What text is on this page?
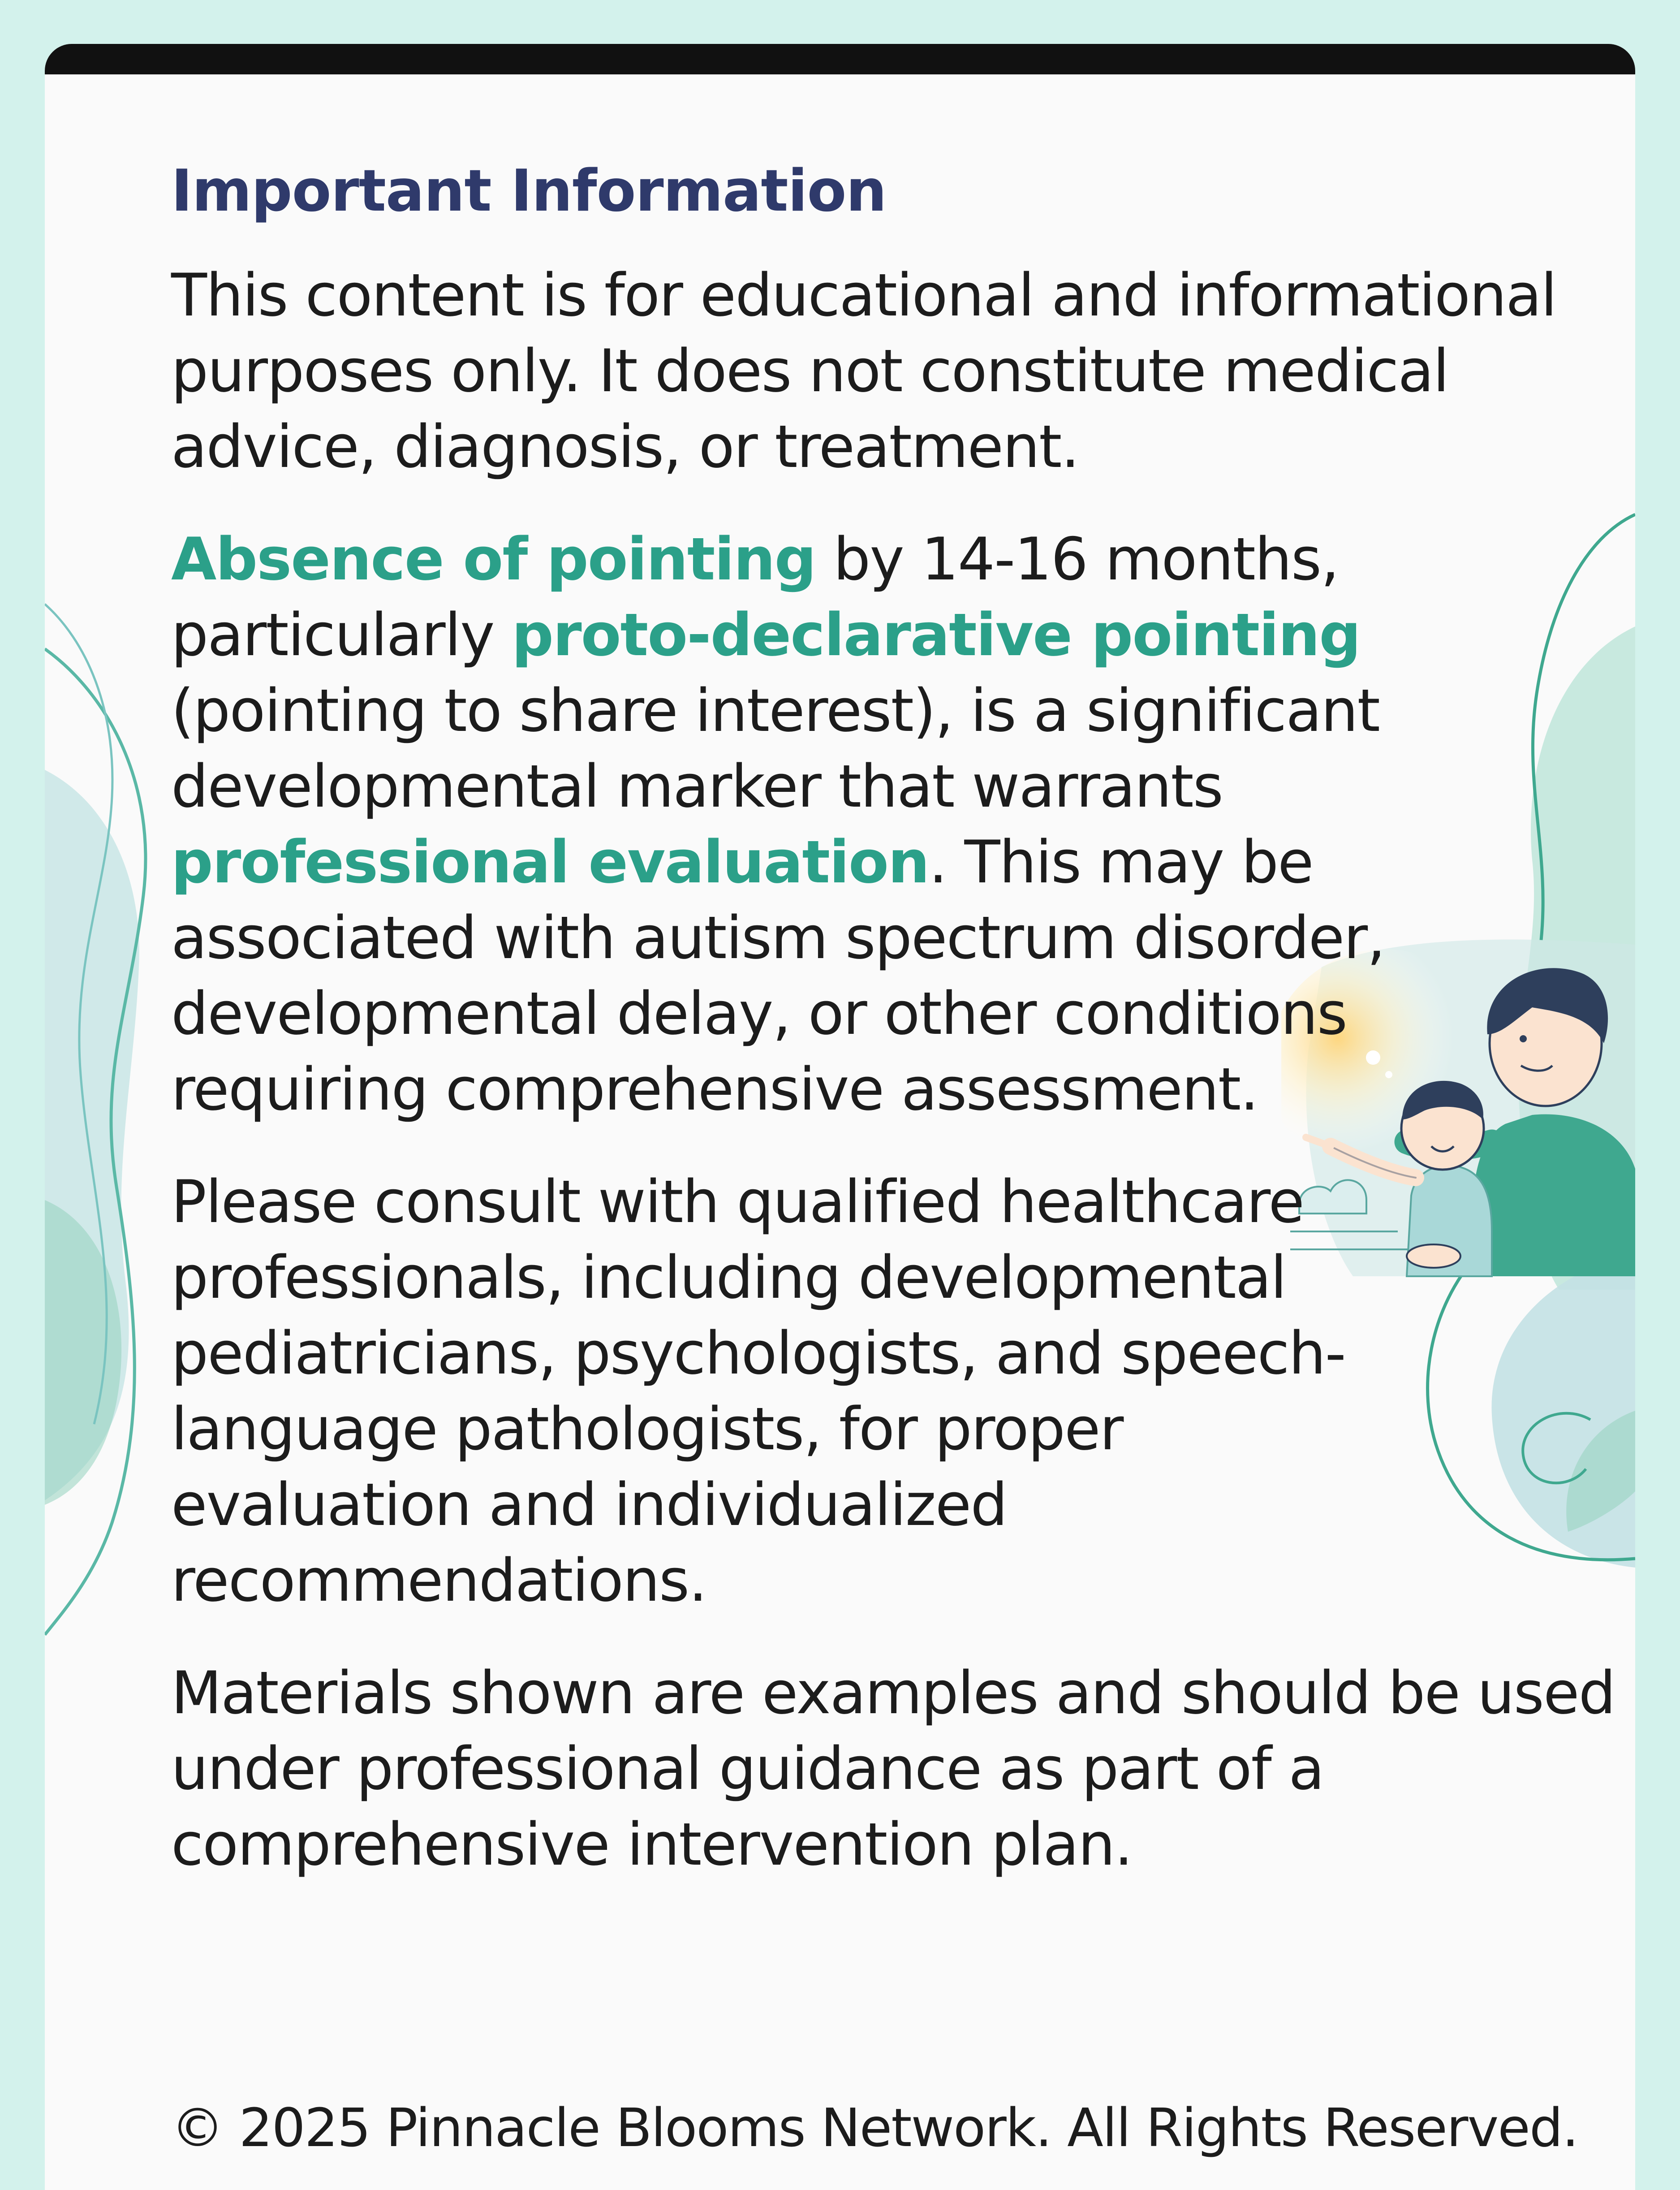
Important Information

This content is for educational and informational purposes only. It does not constitute medical advice, diagnosis, or treatment.

Absence of pointing by 14-16 months, particularly proto-declarative pointing (pointing to share interest), is a significant developmental marker that warrants professional evaluation. This may be associated with autism spectrum disorder, developmental delay, or other conditions requiring comprehensive assessment.

Please consult with qualified healthcare professionals, including developmental pediatricians, psychologists, and speech-language pathologists, for proper evaluation and individualized recommendations.

Materials shown are examples and should be used under professional guidance as part of a comprehensive intervention plan.

© 2025 Pinnacle Blooms Network. All Rights Reserved.
